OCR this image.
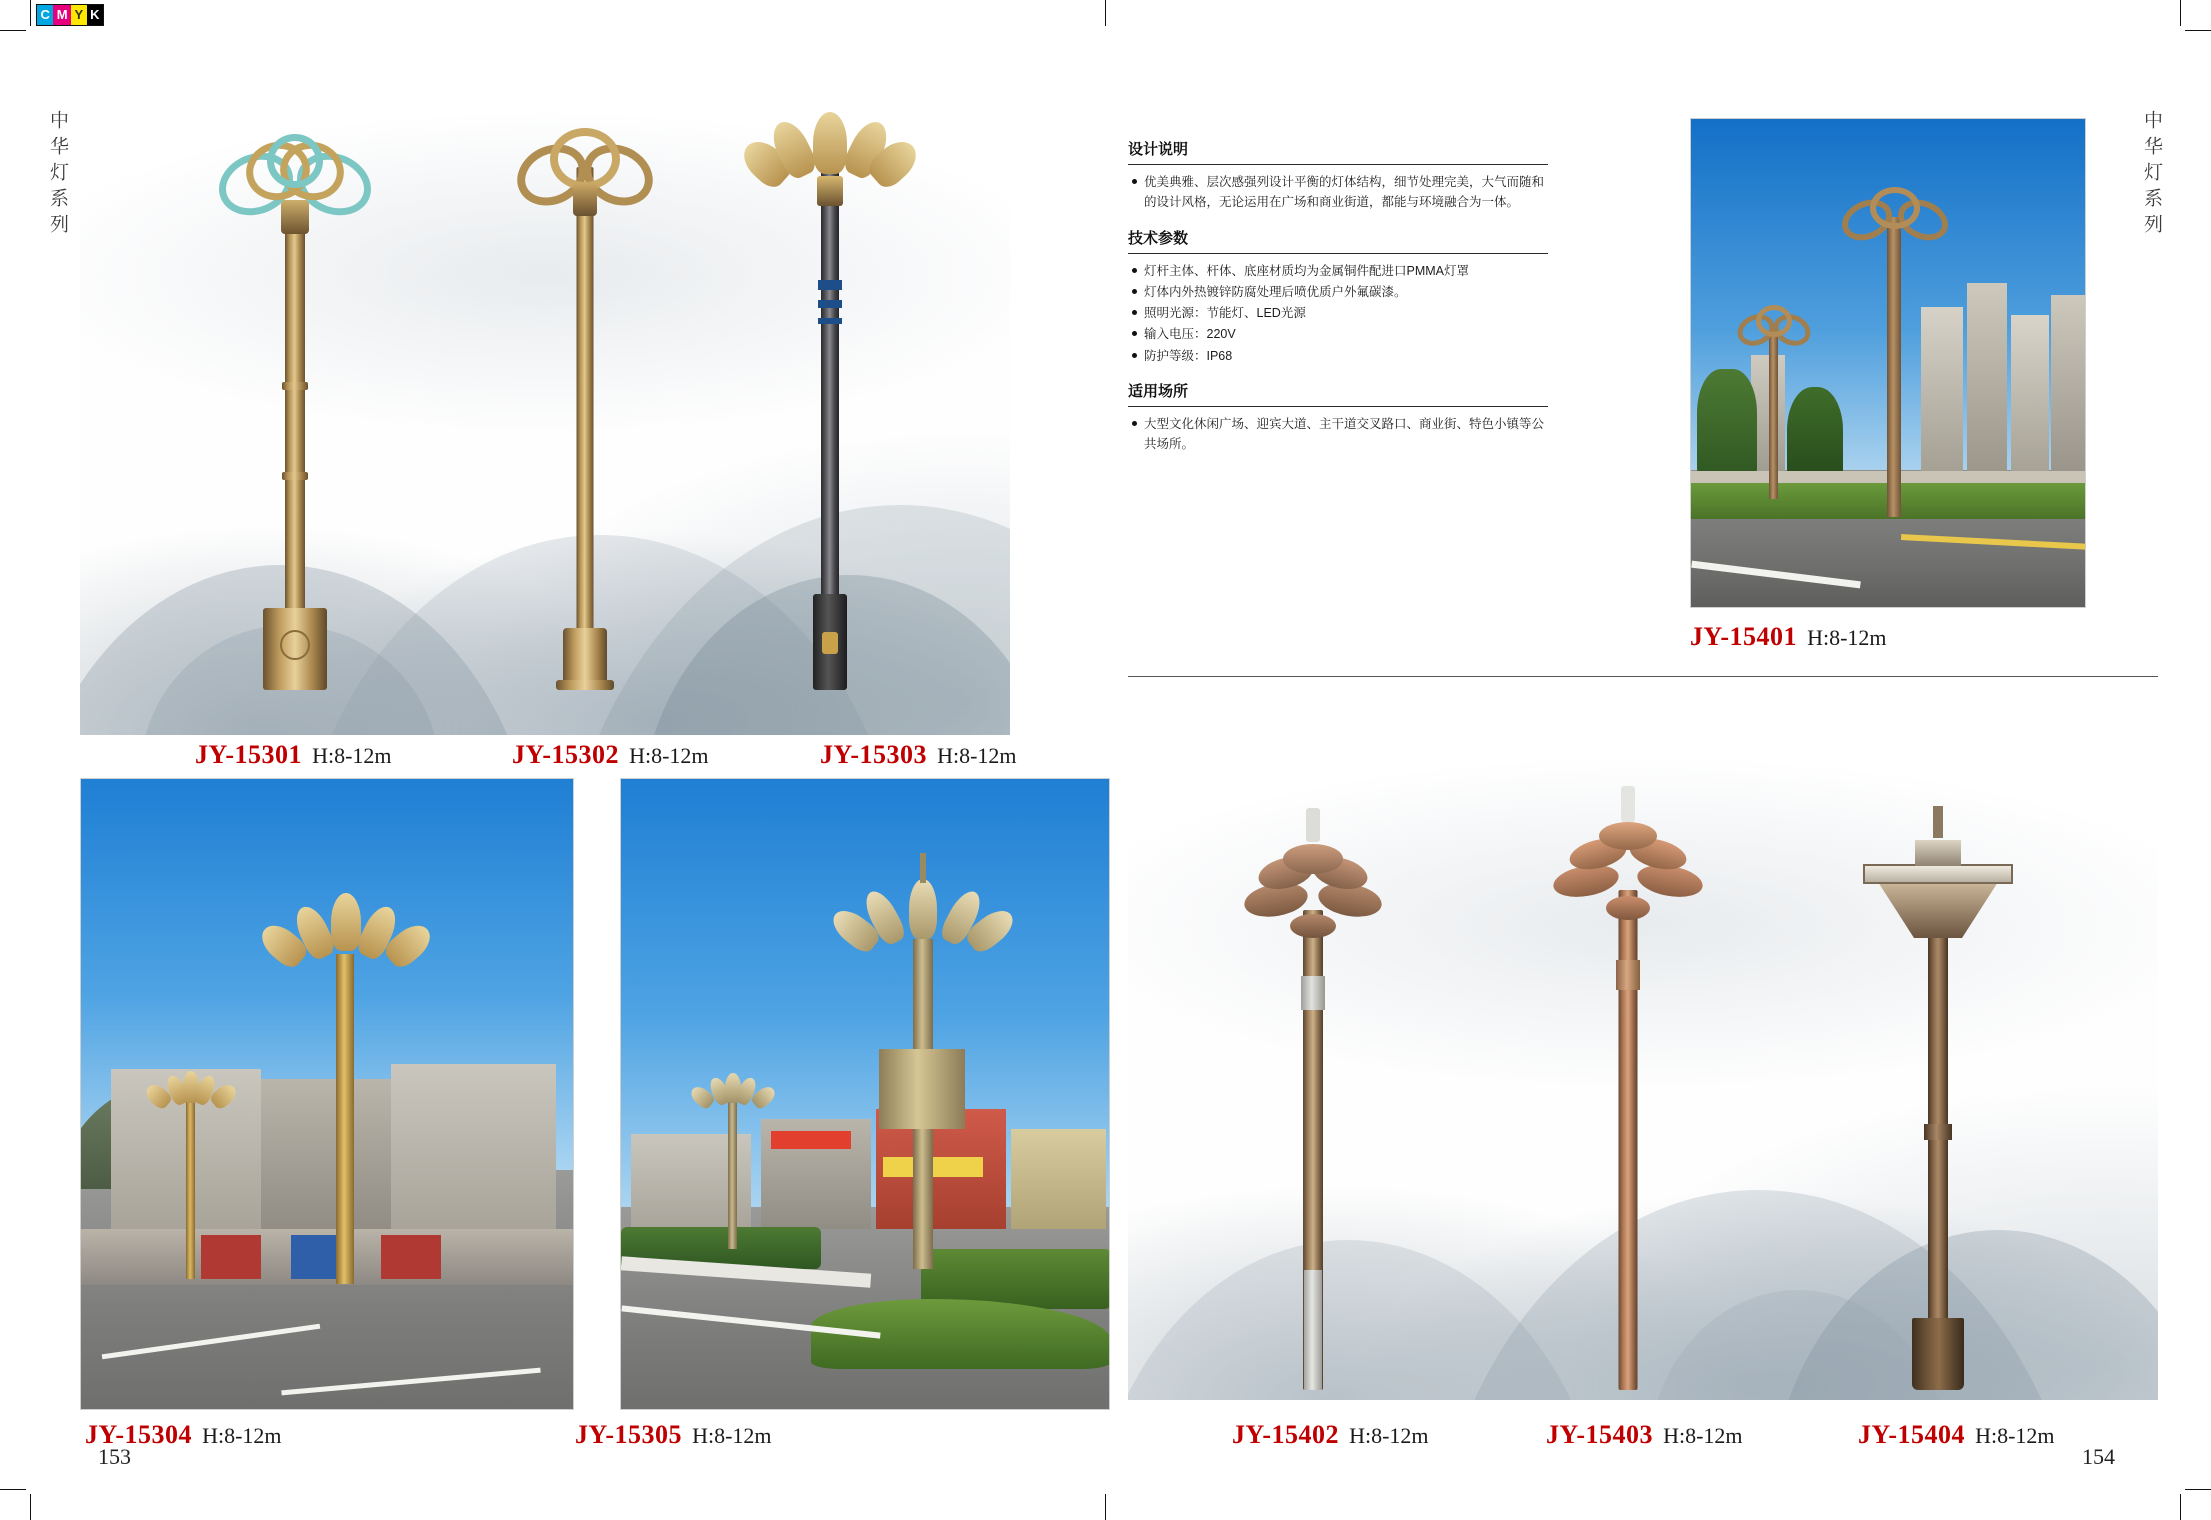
C M Y K
中华灯系列
153
JY-15301 H:8-12m	JY-15302 H:8-12m	JY-15303 H:8-12m
JY-15304 H:8-12m	JY-15305 H:8-12m
中华灯系列
154
设计说明
优美典雅、层次感强列设计平衡的灯体结构，细节处理完美，大气而随和的设计风格，无论运用在广场和商业街道，都能与环境融合为一体。
技术参数
灯杆主体、杆体、底座材质均为金属铜件配进口PMMA灯罩
灯体内外热镀锌防腐处理后喷优质户外氟碳漆。
照明光源：节能灯、LED光源
输入电压：220V
防护等级：IP68
适用场所
大型文化休闲广场、迎宾大道、主干道交叉路口、商业街、特色小镇等公共场所。
JY-15401 H:8-12m
JY-15402 H:8-12m	JY-15403 H:8-12m	JY-15404 H:8-12m
